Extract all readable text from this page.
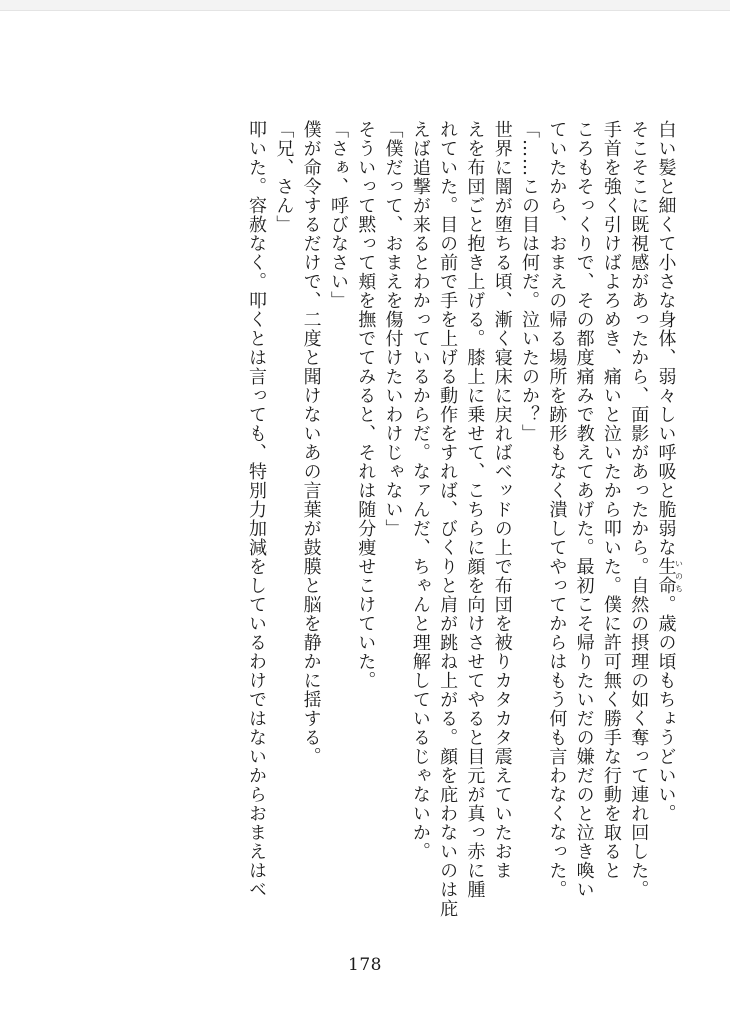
白い髪と細くて小さな身体、弱々しい呼吸と脆弱な生命いのち。歳の頃もちょうどいい。
そこそこに既視感があったから、面影があったから。自然の摂理の如く奪って連れ回した。
手首を強く引けばよろめき、痛いと泣いたから叩いた。僕に許可無く勝手な行動を取ると
ころもそっくりで、その都度痛みで教えてあげた。最初こそ帰りたいだの嫌だのと泣き喚い
ていたから、おまえの帰る場所を跡形もなく潰してやってからはもう何も言わなくなった。
「……この目は何だ。泣いたのか？」
世界に闇が堕ちる頃、漸く寝床に戻ればベッドの上で布団を被りカタカタ震えていたおま
えを布団ごと抱き上げる。膝上に乗せて、こちらに顔を向けさせてやると目元が真っ赤に腫
れていた。目の前で手を上げる動作をすれば、びくりと肩が跳ね上がる。顔を庇わないのは庇
えば追撃が来るとわかっているからだ。なァんだ、ちゃんと理解しているじゃないか。
「僕だって、おまえを傷付けたいわけじゃない」
そういって黙って頬を撫でてみると、それは随分痩せこけていた。
「さぁ、呼びなさい」
僕が命令するだけで、二度と聞けないあの言葉が鼓膜と脳を静かに揺する。
「兄、さん」
叩いた。容赦なく。叩くとは言っても、特別力加減をしているわけではないからおまえはベ
178
